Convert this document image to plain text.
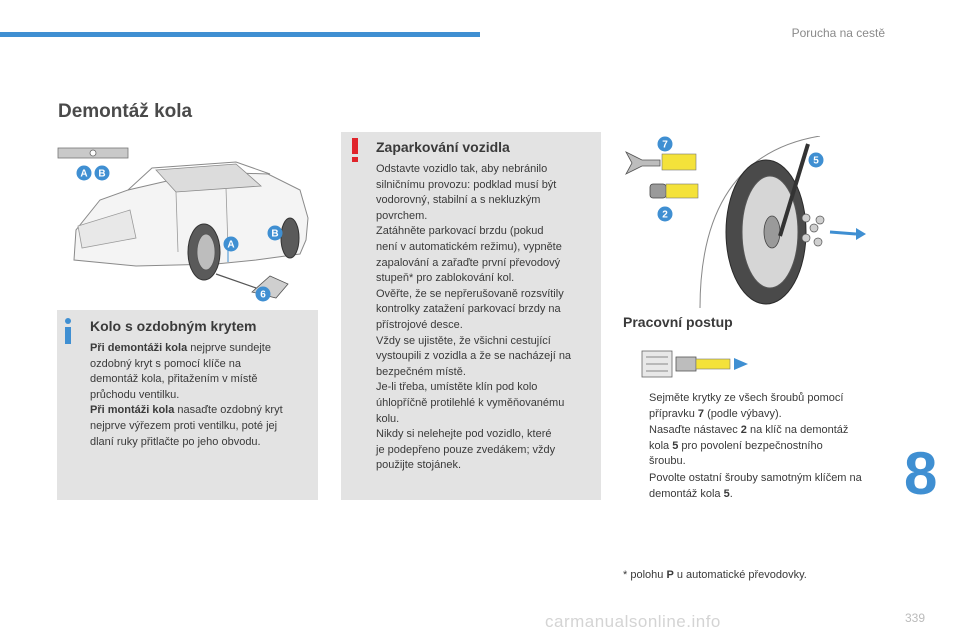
Porucha na cestě
Demontáž kola
A B
A
B
6
Kolo s ozdobným krytem
Při demontáži kola nejprve sundejte
ozdobný kryt s pomocí klíče na
demontáž kola, přitažením v místě
průchodu ventilku.
Při montáži kola nasaďte ozdobný kryt
nejprve výřezem proti ventilku, poté jej
dlaní ruky přitlačte po jeho obvodu.
Zaparkování vozidla
Odstavte vozidlo tak, aby nebránilo
silničnímu provozu: podklad musí být
vodorovný, stabilní a s nekluzkým
povrchem.
Zatáhněte parkovací brzdu (pokud
není v automatickém režimu), vypněte
zapalování a zařaďte první převodový
stupeň* pro zablokování kol.
Ověřte, že se nepřerušovaně rozsvítily
kontrolky zatažení parkovací brzdy na
přístrojové desce.
Vždy se ujistěte, že všichni cestující
vystoupili z vozidla a že se nacházejí na
bezpečném místě.
Je-li třeba, umístěte klín pod kolo
úhlopříčně protilehlé k vyměňovanému
kolu.
Nikdy si nelehejte pod vozidlo, které
je podepřeno pouze zvedákem; vždy
použijte stojánek.
7
5
2
Pracovní postup
Sejměte krytky ze všech šroubů pomocí
přípravku 7 (podle výbavy).
Nasaďte nástavec 2 na klíč na demontáž
kola 5 pro povolení bezpečnostního
šroubu.
Povolte ostatní šrouby samotným klíčem na
demontáž kola 5.

* polohu P u automatické převodovky.

8
carmanualsonline.info	339
